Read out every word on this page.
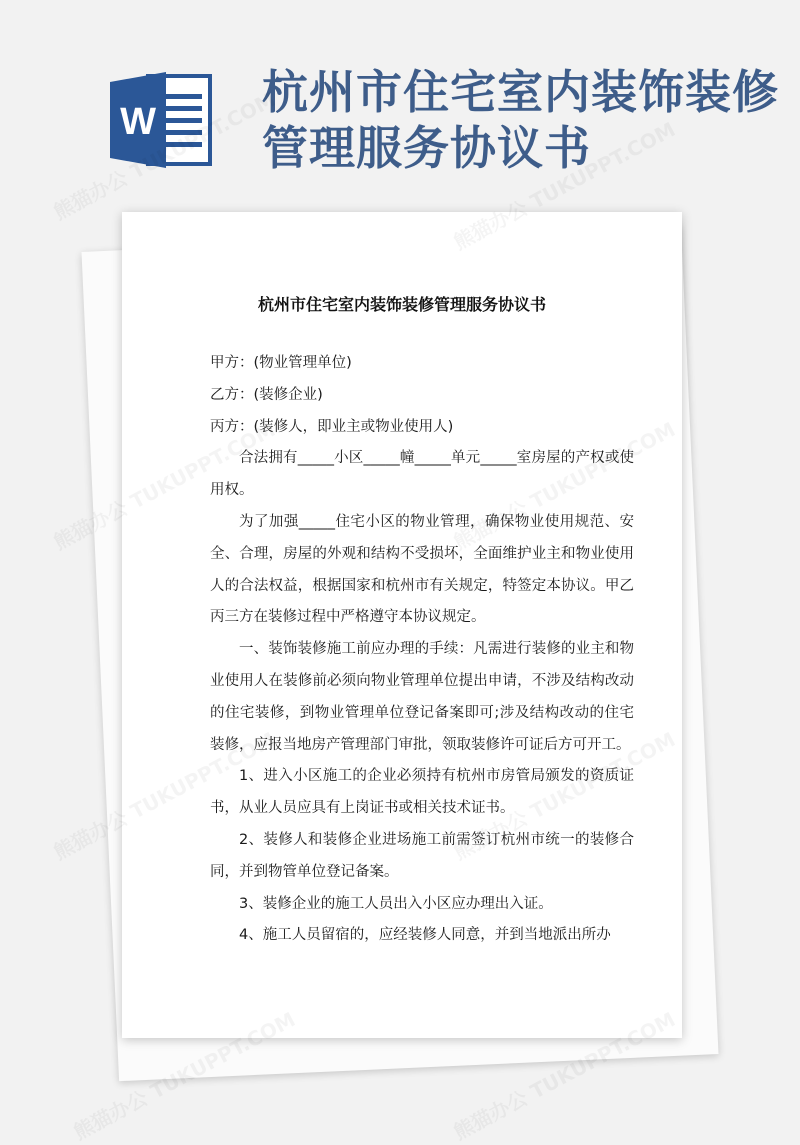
W
杭州市住宅室内装饰装修管理服务协议书
杭州市住宅室内装饰装修管理服务协议书

甲方：(物业管理单位)

乙方：(装修企业)

丙方：(装修人，即业主或物业使用人)

合法拥有_____小区_____幢_____单元_____室房屋的产权或使用权。

为了加强_____住宅小区的物业管理，确保物业使用规范、安全、合理，房屋的外观和结构不受损坏，全面维护业主和物业使用人的合法权益，根据国家和杭州市有关规定，特签定本协议。甲乙丙三方在装修过程中严格遵守本协议规定。

一、装饰装修施工前应办理的手续：凡需进行装修的业主和物业使用人在装修前必须向物业管理单位提出申请，不涉及结构改动的住宅装修，到物业管理单位登记备案即可;涉及结构改动的住宅装修，应报当地房产管理部门审批，领取装修许可证后方可开工。

1、进入小区施工的企业必须持有杭州市房管局颁发的资质证书，从业人员应具有上岗证书或相关技术证书。

2、装修人和装修企业进场施工前需签订杭州市统一的装修合同，并到物管单位登记备案。

3、装修企业的施工人员出入小区应办理出入证。

4、施工人员留宿的，应经装修人同意，并到当地派出所办
